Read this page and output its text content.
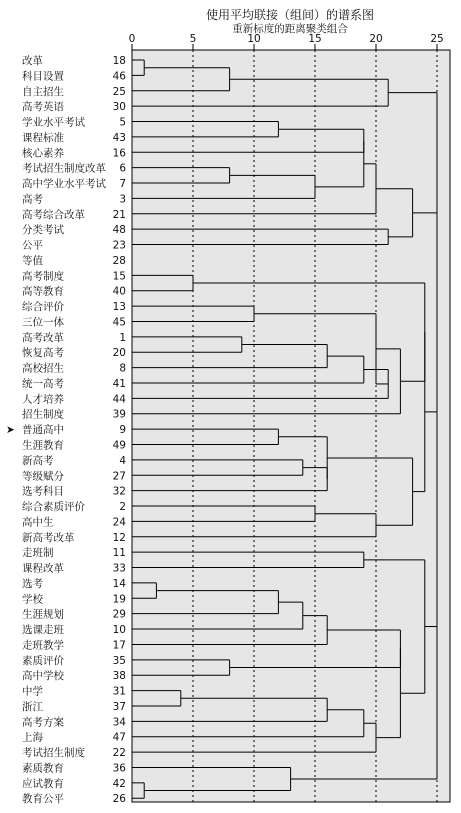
使用平均联接（组间）的谱系图
重新标度的距离聚类组合
0	5	10	15	20	25
改革	18
科目设置	46
自主招生	25
高考英语	30
学业水平考试	5
课程标准	43
核心素养	16
考试招生制度改革 6
高中学业水平考试 7
高考	3
高考综合改革	21
分类考试	48
公平	23
等值	28
高考制度	15
高等教育	40
综合评价	13
三位一体	45
高考改革	1
恢复高考	20
高校招生	8
统一高考	41
人才培养	44
招生制度	39
普通高中	9
➤
生涯教育	49
新高考	4
等级赋分	27
选考科目	32
综合素质评价	2
高中生	24
新高考改革	12
走班制	11
课程改革	33
选考	14
学校	19
生涯规划	29
选课走班	10
走班教学	17
素质评价	35
高中学校	38
中学	31
浙江	37
高考方案	34
上海	47
考试招生制度	22
素质教育	36
应试教育	42
教育公平	26
